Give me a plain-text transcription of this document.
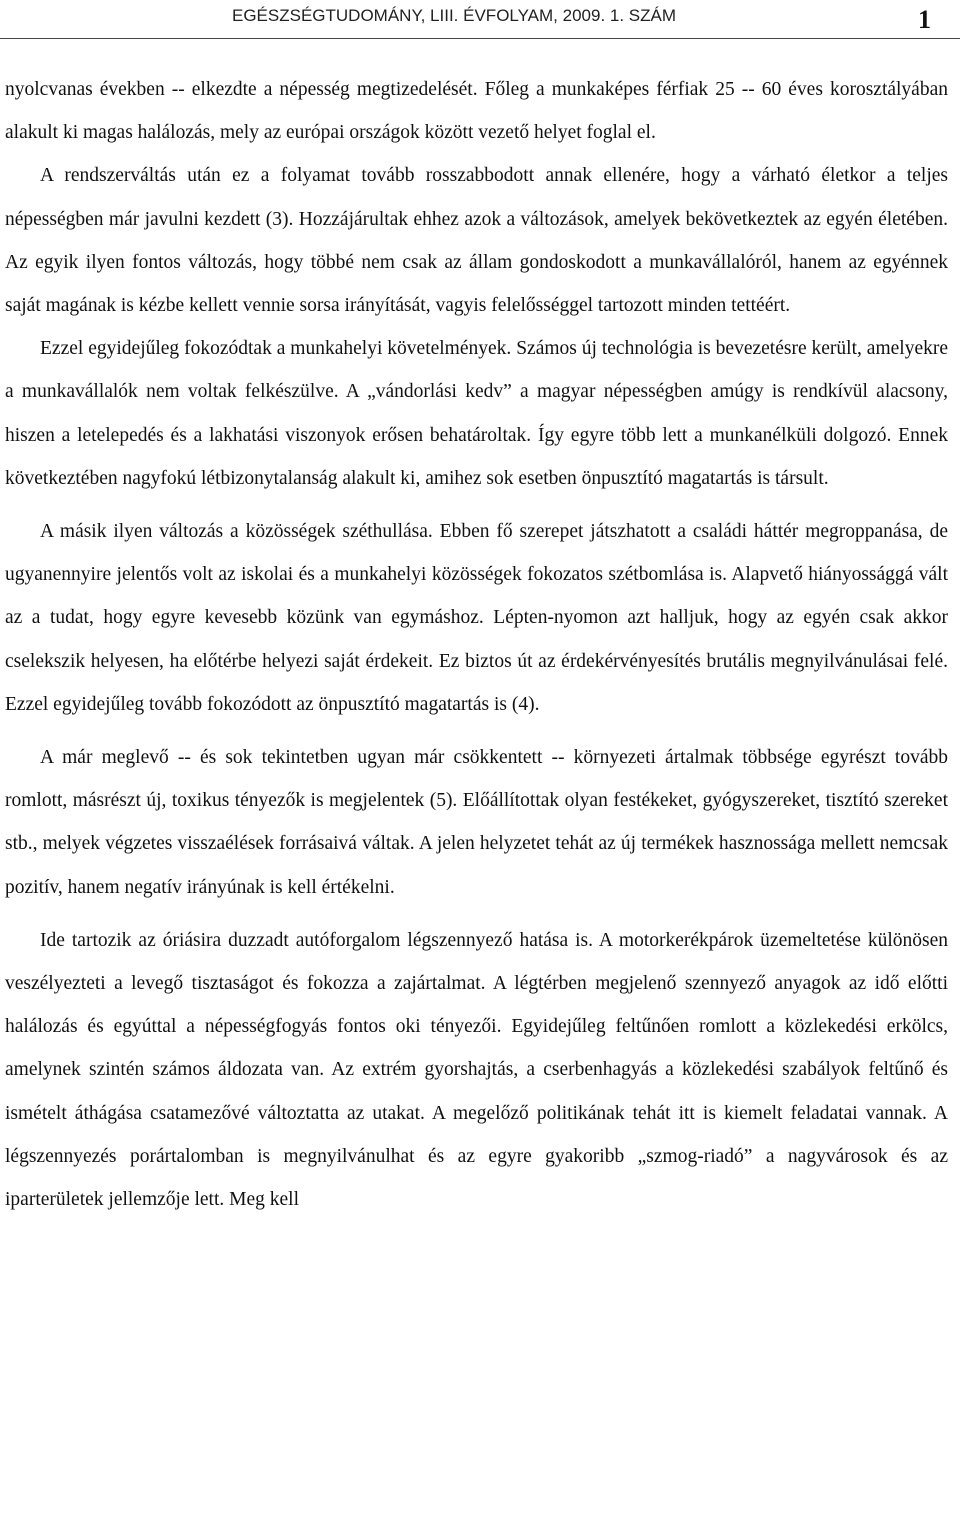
EGÉSZSÉGTUDOMÁNY, LIII. ÉVFOLYAM, 2009. 1. SZÁM	1

nyolcvanas években -- elkezdte a népesség megtizedelését. Főleg a munkaképes férfiak 25 -- 60 éves korosztályában alakult ki magas halálozás, mely az európai országok között vezető helyet foglal el.

A rendszerváltás után ez a folyamat tovább rosszabbodott annak ellenére, hogy a várható életkor a teljes népességben már javulni kezdett (3). Hozzájárultak ehhez azok a változások, amelyek bekövetkeztek az egyén életében. Az egyik ilyen fontos változás, hogy többé nem csak az állam gondoskodott a munkavállalóról, hanem az egyénnek saját magának is kézbe kellett vennie sorsa irányítását, vagyis felelősséggel tartozott minden tettéért.

Ezzel egyidejűleg fokozódtak a munkahelyi követelmények. Számos új technológia is bevezetésre került, amelyekre a munkavállalók nem voltak felkészülve. A „vándorlási kedv” a magyar népességben amúgy is rendkívül alacsony, hiszen a letelepedés és a lakhatási viszonyok erősen behatároltak. Így egyre több lett a munkanélküli dolgozó. Ennek következtében nagyfokú létbizonytalanság alakult ki, amihez sok esetben önpusztító magatartás is társult.

A másik ilyen változás a közösségek széthullása. Ebben fő szerepet játszhatott a családi háttér megroppanása, de ugyanennyire jelentős volt az iskolai és a munkahelyi közösségek fokozatos szétbomlása is. Alapvető hiányossággá vált az a tudat, hogy egyre kevesebb közünk van egymáshoz. Lépten-nyomon azt halljuk, hogy az egyén csak akkor cselekszik helyesen, ha előtérbe helyezi saját érdekeit. Ez biztos út az érdekérvényesítés brutális megnyilvánulásai felé. Ezzel egyidejűleg tovább fokozódott az önpusztító magatartás is (4).

A már meglevő -- és sok tekintetben ugyan már csökkentett -- környezeti ártalmak többsége egyrészt tovább romlott, másrészt új, toxikus tényezők is megjelentek (5). Előállítottak olyan festékeket, gyógyszereket, tisztító szereket stb., melyek végzetes visszaélések forrásaivá váltak. A jelen helyzetet tehát az új termékek hasznossága mellett nemcsak pozitív, hanem negatív irányúnak is kell értékelni.

Ide tartozik az óriásira duzzadt autóforgalom légszennyező hatása is. A motorkerékpárok üzemeltetése különösen veszélyezteti a levegő tisztaságot és fokozza a zajártalmat. A légtérben megjelenő szennyező anyagok az idő előtti halálozás és egyúttal a népességfogyás fontos oki tényezői. Egyidejűleg feltűnően romlott a közlekedési erkölcs, amelynek szintén számos áldozata van. Az extrém gyorshajtás, a cserbenhagyás a közlekedési szabályok feltűnő és ismételt áthágása csatamezővé változtatta az utakat. A megelőző politikának tehát itt is kiemelt feladatai vannak. A légszennyezés porártalomban is megnyilvánulhat és az egyre gyakoribb „szmog-riadó” a nagyvárosok és az iparterületek jellemzője lett. Meg kell
